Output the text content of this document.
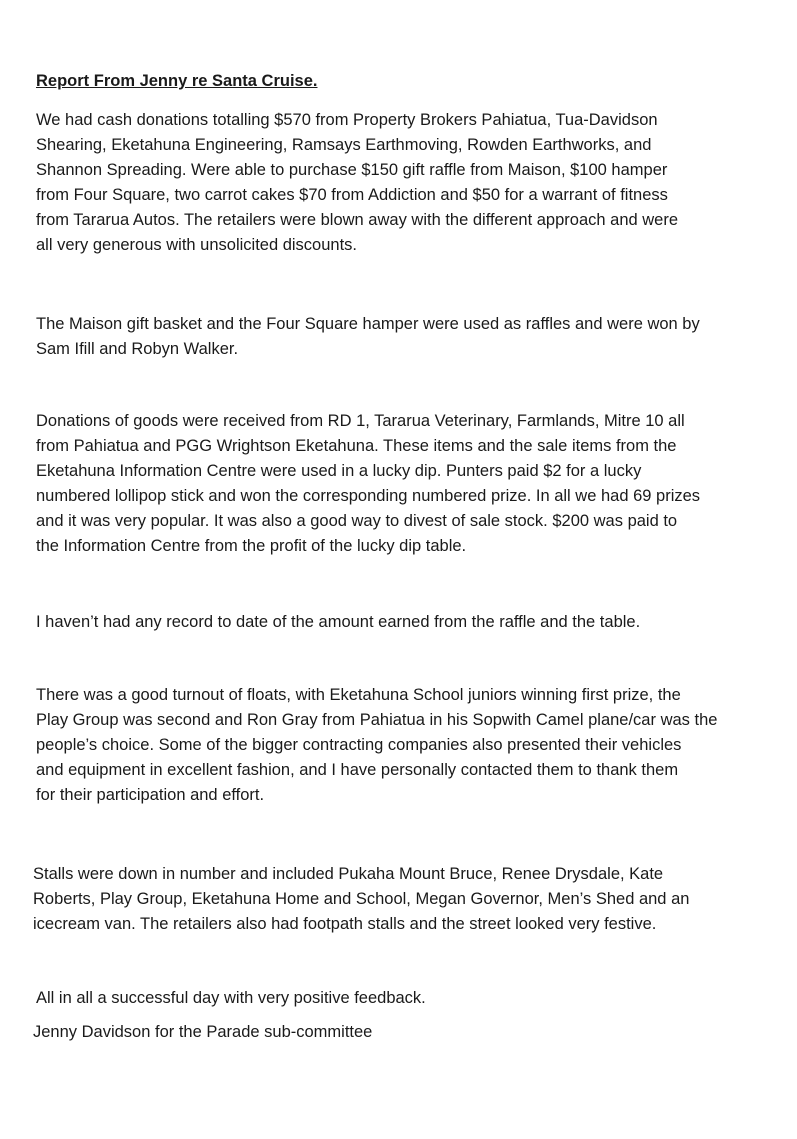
Report From Jenny re Santa Cruise.
We had cash donations totalling $570 from Property Brokers Pahiatua, Tua-Davidson
Shearing, Eketahuna Engineering, Ramsays Earthmoving, Rowden Earthworks, and
Shannon Spreading. Were able to purchase $150 gift raffle from Maison, $100 hamper
from Four Square, two carrot cakes $70 from Addiction and $50 for a warrant of fitness
from Tararua Autos. The retailers were blown away with the different approach and were
all very generous with unsolicited discounts.
The Maison gift basket and the Four Square hamper were used as raffles and were won by
Sam Ifill and Robyn Walker.
Donations of goods were received from RD 1, Tararua Veterinary, Farmlands, Mitre 10 all
from Pahiatua and PGG Wrightson Eketahuna. These items and the sale items from the
Eketahuna Information Centre were used in a lucky dip. Punters paid $2 for a lucky
numbered lollipop stick and won the corresponding numbered prize. In all we had 69 prizes
and it was very popular. It was also a good way to divest of sale stock. $200 was paid to
the Information Centre from the profit of the lucky dip table.
I haven’t had any record to date of the amount earned from the raffle and the table.
There was a good turnout of floats, with Eketahuna School juniors winning first prize, the
Play Group was second and Ron Gray from Pahiatua in his Sopwith Camel plane/car was the
people’s choice. Some of the bigger contracting companies also presented their vehicles
and equipment in excellent fashion, and I have personally contacted them to thank them
for their participation and effort.
Stalls were down in number and included Pukaha Mount Bruce, Renee Drysdale, Kate
Roberts, Play Group, Eketahuna Home and School, Megan Governor, Men’s Shed and an
icecream van. The retailers also had footpath stalls and the street looked very festive.
All in all a successful day with very positive feedback.
Jenny Davidson for the Parade sub-committee
